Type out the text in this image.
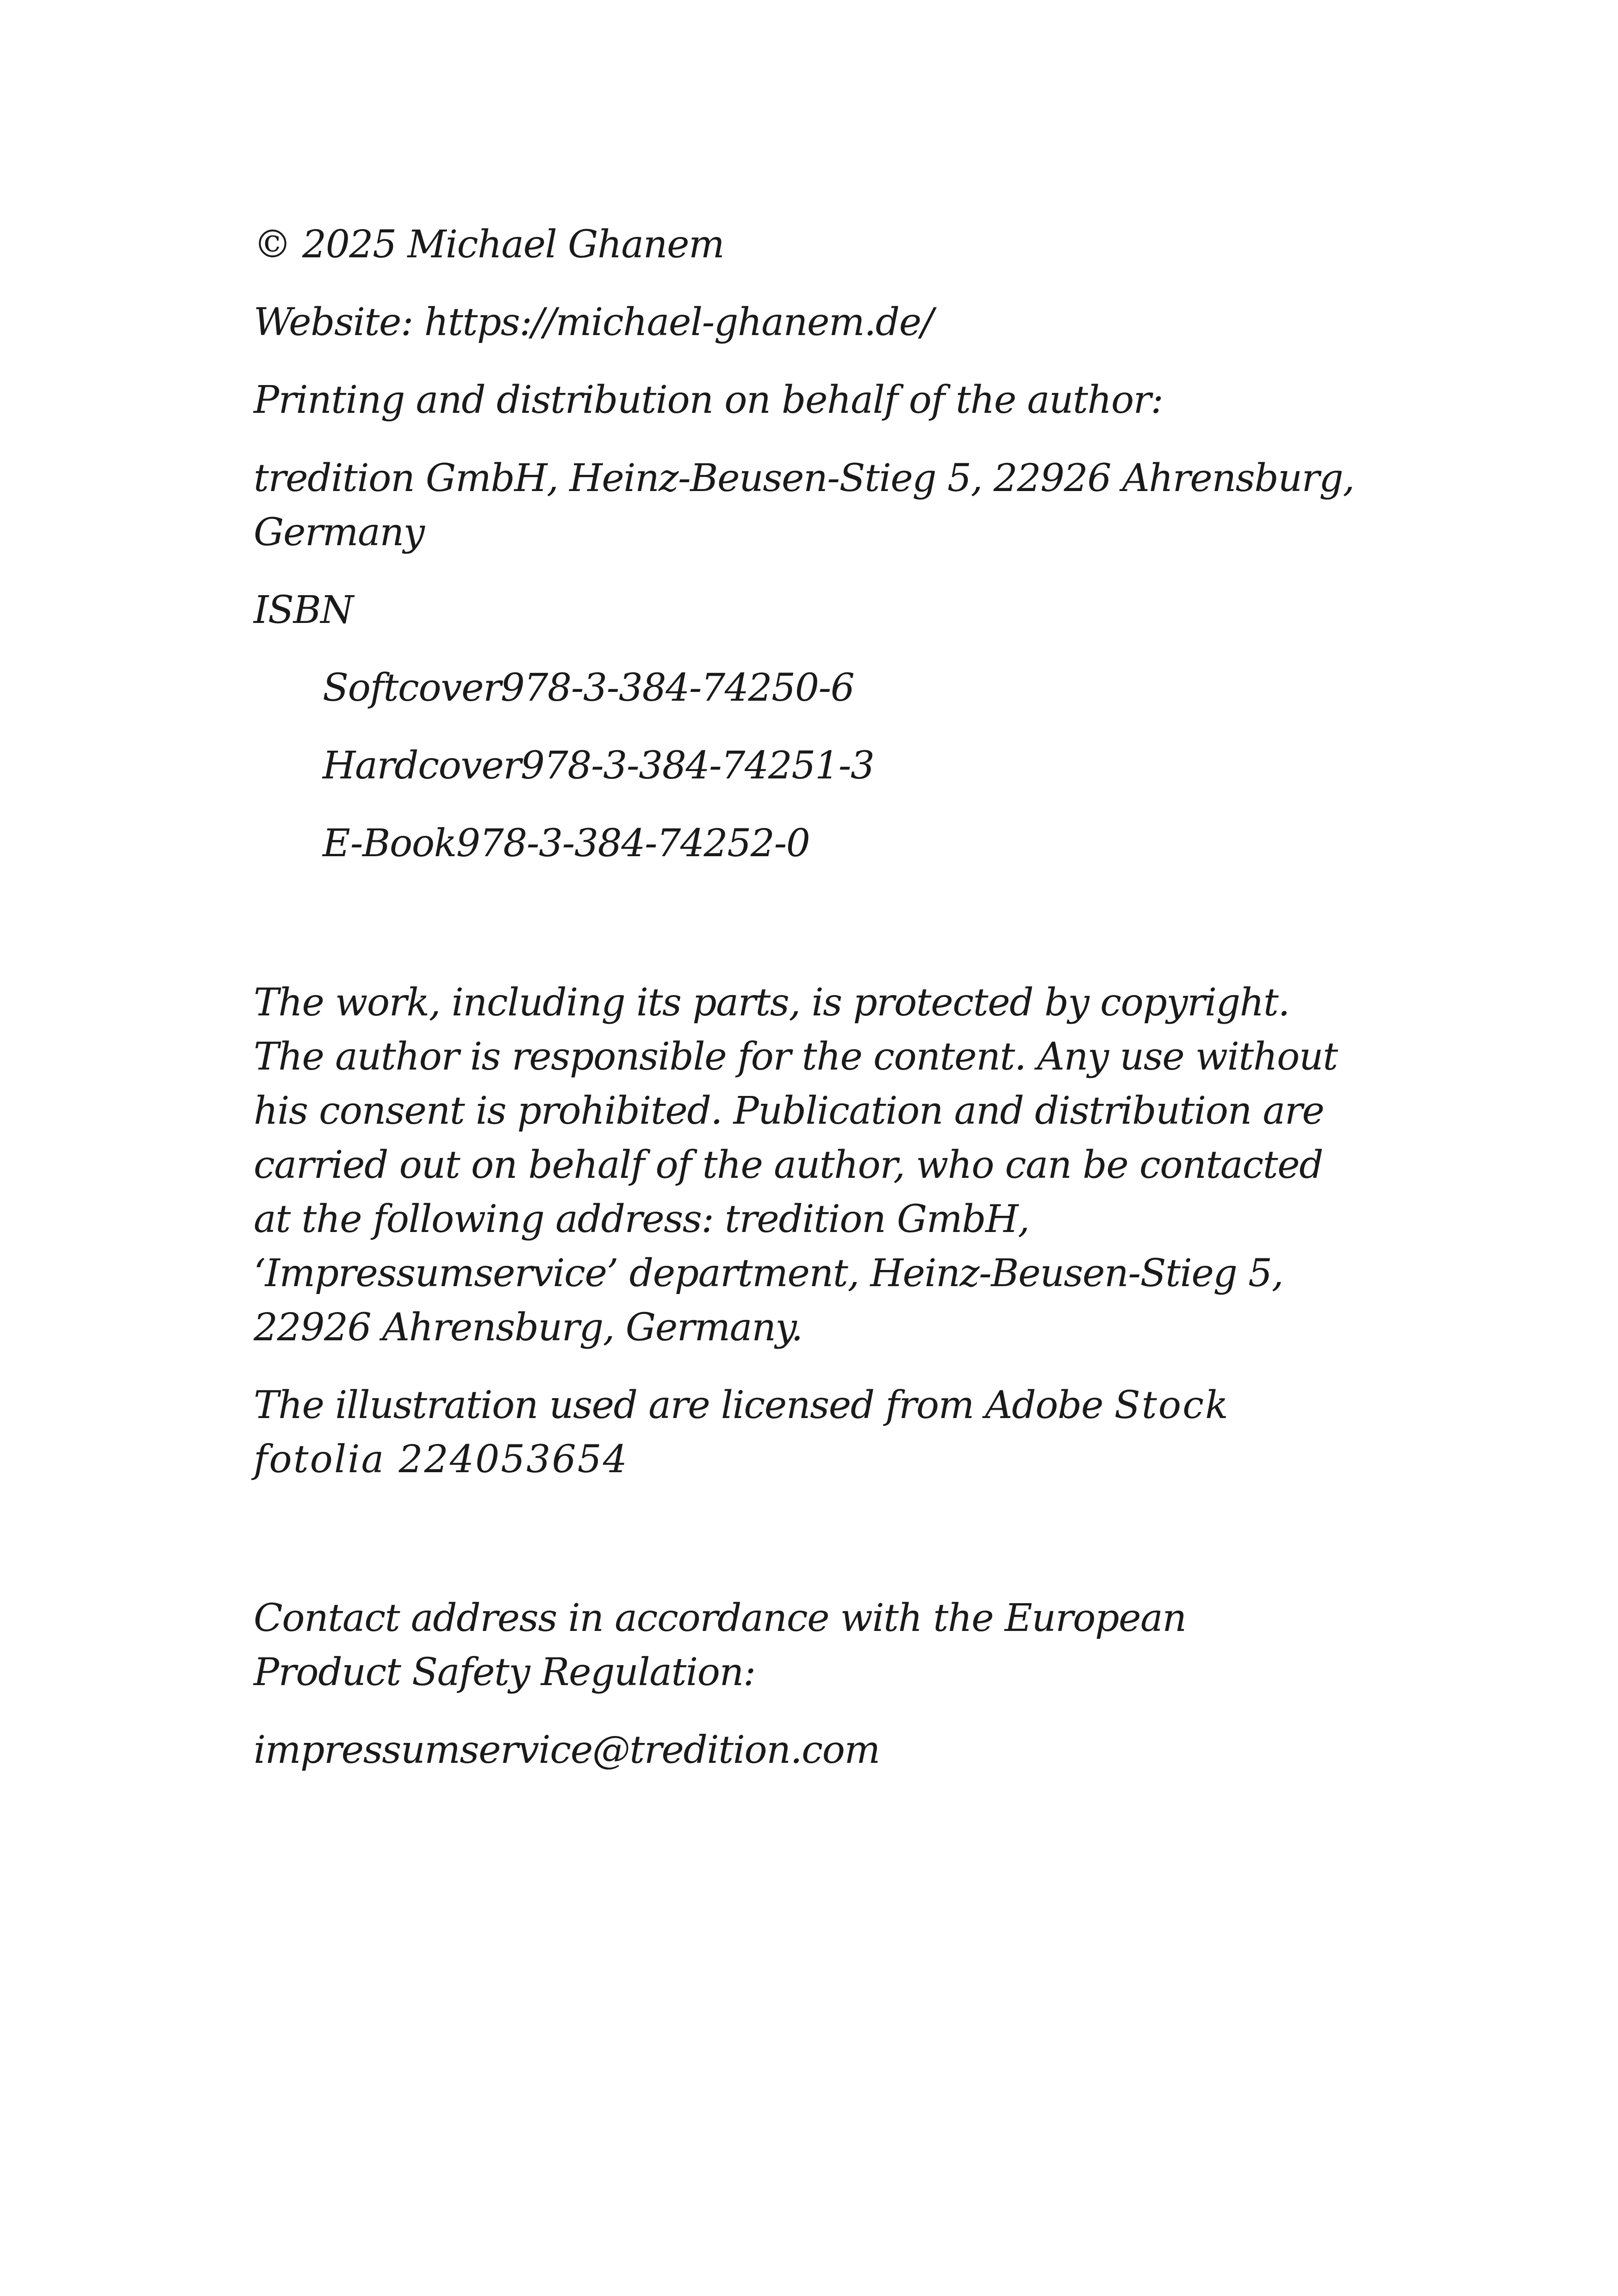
© 2025 Michael Ghanem

Website: https://michael-ghanem.de/

Printing and distribution on behalf of the author:

tredition GmbH, Heinz-Beusen-Stieg 5, 22926 Ahrensburg,

Germany

ISBN

Softcover978-3-384-74250-6

Hardcover978-3-384-74251-3

E-Book978-3-384-74252-0

The work, including its parts, is protected by copyright.

The author is responsible for the content. Any use without

his consent is prohibited. Publication and distribution are

carried out on behalf of the author, who can be contacted

at the following address: tredition GmbH,

‘Impressumservice’ department, Heinz-Beusen-Stieg 5,

22926 Ahrensburg, Germany.

The illustration used are licensed from Adobe Stock

fotolia 224053654

Contact address in accordance with the European

Product Safety Regulation:

impressumservice@tredition.com
